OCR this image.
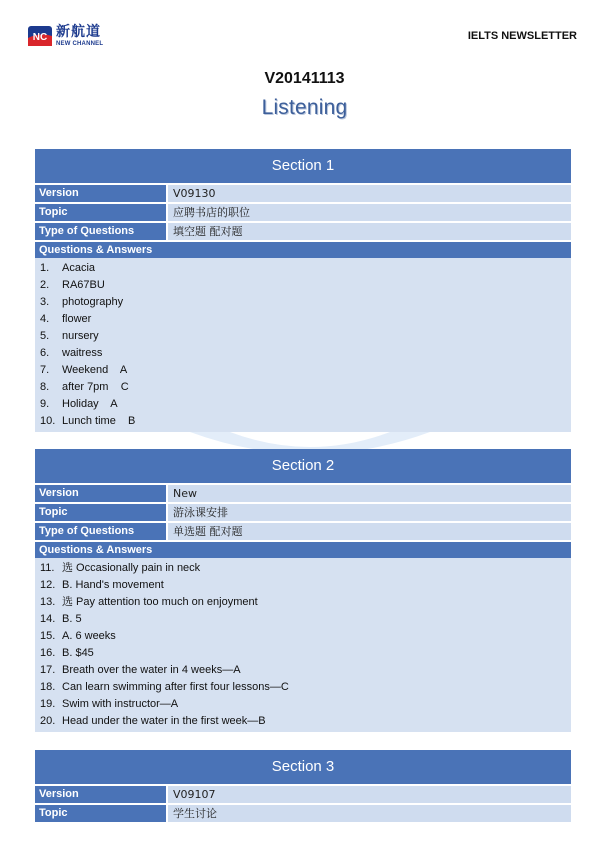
NC 新航道
NEW CHANNEL
IELTS NEWSLETTER
V20141113
Listening
Section 1
Version	V09130
Topic	应聘书店的职位
Type of Questions	填空题 配对题
Questions & Answers
1. Acacia
2. RA67BU
3. photography
4. flower
5. nursery
6. waitress
7. Weekend    A
8. after 7pm    C
9. Holiday    A
10. Lunch time    B
Section 2
Version	New
Topic	游泳课安排
Type of Questions	单选题 配对题
Questions & Answers
11. 选 Occasionally pain in neck
12. B. Hand's movement
13. 选 Pay attention too much on enjoyment
14. B. 5
15. A. 6 weeks
16. B. $45
17. Breath over the water in 4 weeks—A
18. Can learn swimming after first four lessons—C
19. Swim with instructor—A
20. Head under the water in the first week—B
Section 3
Version	V09107
Topic	学生讨论
